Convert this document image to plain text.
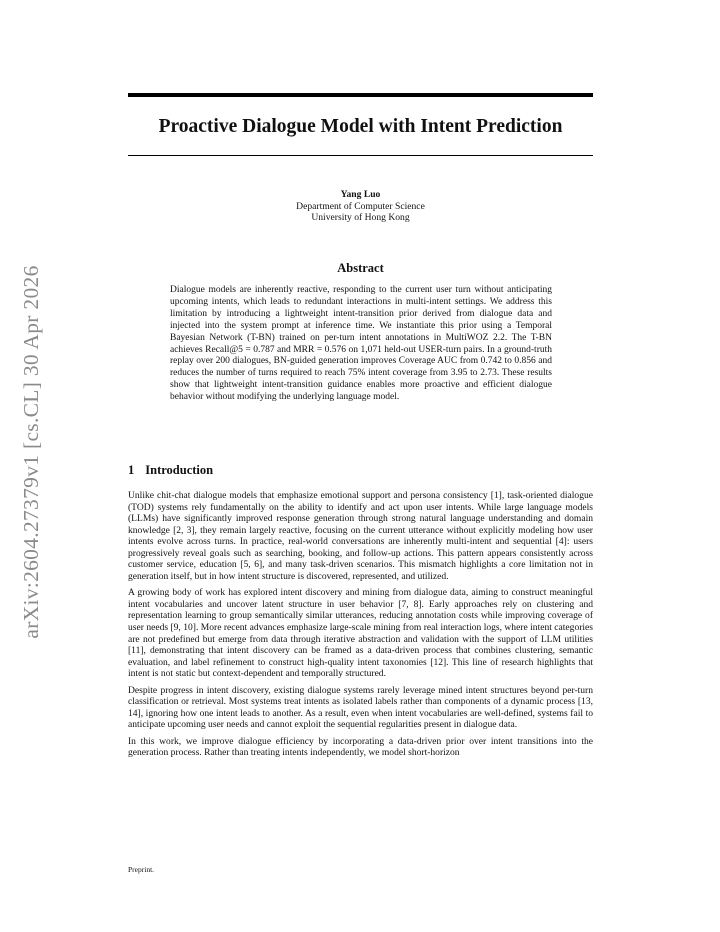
arXiv:2604.27379v1 [cs.CL] 30 Apr 2026
Proactive Dialogue Model with Intent Prediction
Yang Luo
Department of Computer Science
University of Hong Kong
Abstract
Dialogue models are inherently reactive, responding to the current user turn without anticipating upcoming intents, which leads to redundant interactions in multi-intent settings. We address this limitation by introducing a lightweight intent-transition prior derived from dialogue data and injected into the system prompt at inference time. We instantiate this prior using a Temporal Bayesian Network (T-BN) trained on per-turn intent annotations in MultiWOZ 2.2. The T-BN achieves Recall@5 = 0.787 and MRR = 0.576 on 1,071 held-out USER-turn pairs. In a ground-truth replay over 200 dialogues, BN-guided generation improves Coverage AUC from 0.742 to 0.856 and reduces the number of turns required to reach 75% intent coverage from 3.95 to 2.73. These results show that lightweight intent-transition guidance enables more proactive and efficient dialogue behavior without modifying the underlying language model.
1 Introduction

Unlike chit-chat dialogue models that emphasize emotional support and persona consistency [1], task-oriented dialogue (TOD) systems rely fundamentally on the ability to identify and act upon user intents. While large language models (LLMs) have significantly improved response generation through strong natural language understanding and domain knowledge [2, 3], they remain largely reactive, focusing on the current utterance without explicitly modeling how user intents evolve across turns. In practice, real-world conversations are inherently multi-intent and sequential [4]: users progressively reveal goals such as searching, booking, and follow-up actions. This pattern appears consistently across customer service, education [5, 6], and many task-driven scenarios. This mismatch highlights a core limitation not in generation itself, but in how intent structure is discovered, represented, and utilized.

A growing body of work has explored intent discovery and mining from dialogue data, aiming to construct meaningful intent vocabularies and uncover latent structure in user behavior [7, 8]. Early approaches rely on clustering and representation learning to group semantically similar utterances, reducing annotation costs while improving coverage of user needs [9, 10]. More recent advances emphasize large-scale mining from real interaction logs, where intent categories are not predefined but emerge from data through iterative abstraction and validation with the support of LLM utilities [11], demonstrating that intent discovery can be framed as a data-driven process that combines clustering, semantic evaluation, and label refinement to construct high-quality intent taxonomies [12]. This line of research highlights that intent is not static but context-dependent and temporally structured.

Despite progress in intent discovery, existing dialogue systems rarely leverage mined intent structures beyond per-turn classification or retrieval. Most systems treat intents as isolated labels rather than components of a dynamic process [13, 14], ignoring how one intent leads to another. As a result, even when intent vocabularies are well-defined, systems fail to anticipate upcoming user needs and cannot exploit the sequential regularities present in dialogue data.

In this work, we improve dialogue efficiency by incorporating a data-driven prior over intent transitions into the generation process. Rather than treating intents independently, we model short-horizon

Preprint.
